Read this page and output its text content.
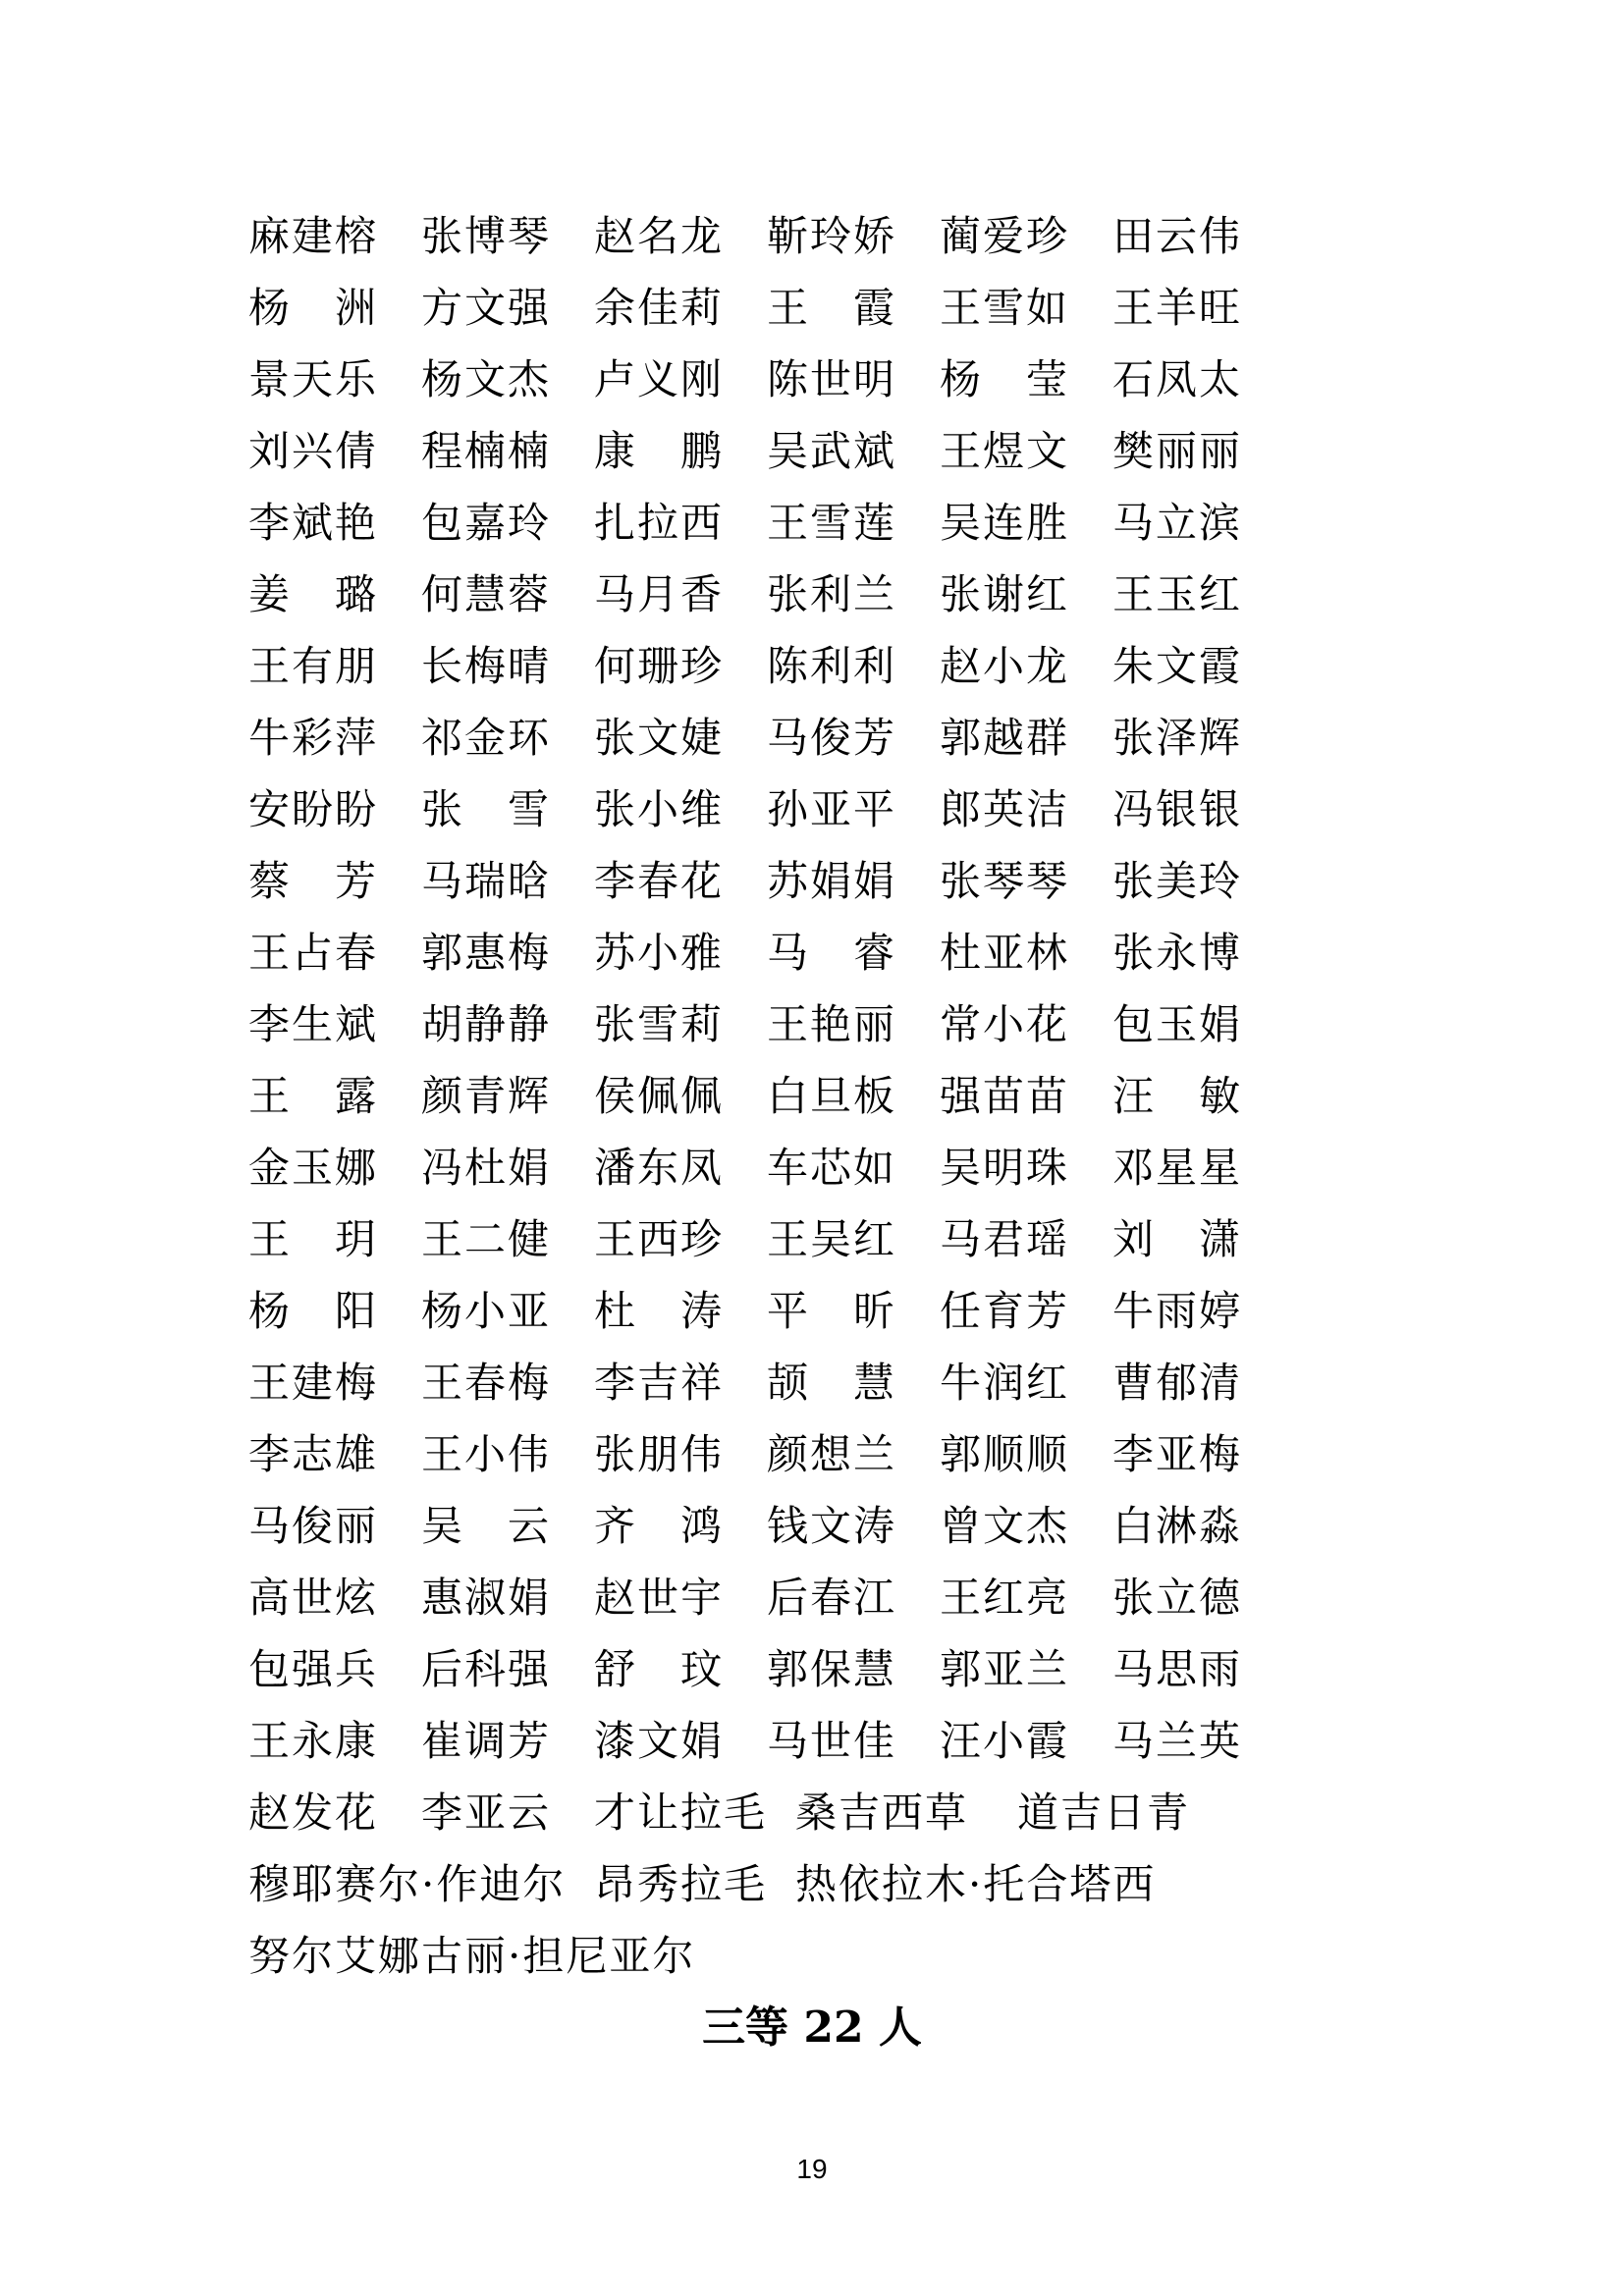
麻建榕 张博琴 赵名龙 靳玲娇 蔺爱珍 田云伟
杨　洲 方文强 余佳莉 王　霞 王雪如 王羊旺
景天乐 杨文杰 卢义刚 陈世明 杨　莹 石凤太
刘兴倩 程楠楠 康　鹏 吴武斌 王煜文 樊丽丽
李斌艳 包嘉玲 扎拉西 王雪莲 吴连胜 马立滨
姜　璐 何慧蓉 马月香 张利兰 张谢红 王玉红
王有朋 长梅晴 何珊珍 陈利利 赵小龙 朱文霞
牛彩萍 祁金环 张文婕 马俊芳 郭越群 张泽辉
安盼盼 张　雪 张小维 孙亚平 郎英洁 冯银银
蔡　芳 马瑞晗 李春花 苏娟娟 张琴琴 张美玲
王占春 郭惠梅 苏小雅 马　睿 杜亚林 张永博
李生斌 胡静静 张雪莉 王艳丽 常小花 包玉娟
王　露 颜青辉 侯佩佩 白旦板 强苗苗 汪　敏
金玉娜 冯杜娟 潘东凤 车芯如 吴明珠 邓星星
王　玥 王二健 王西珍 王吴红 马君瑶 刘　潇
杨　阳 杨小亚 杜　涛 平　昕 任育芳 牛雨婷
王建梅 王春梅 李吉祥 颉　慧 牛润红 曹郁清
李志雄 王小伟 张朋伟 颜想兰 郭顺顺 李亚梅
马俊丽 吴　云 齐　鸿 钱文涛 曾文杰 白淋淼
高世炫 惠淑娟 赵世宇 后春江 王红亮 张立德
包强兵 后科强 舒　玟 郭保慧 郭亚兰 马思雨
王永康 崔调芳 漆文娟 马世佳 汪小霞 马兰英
赵发花 李亚云 才让拉毛 桑吉西草 道吉日青
穆耶赛尔·作迪尔 昂秀拉毛 热依拉木·托合塔西
努尔艾娜古丽·担尼亚尔
三等 22 人
19
